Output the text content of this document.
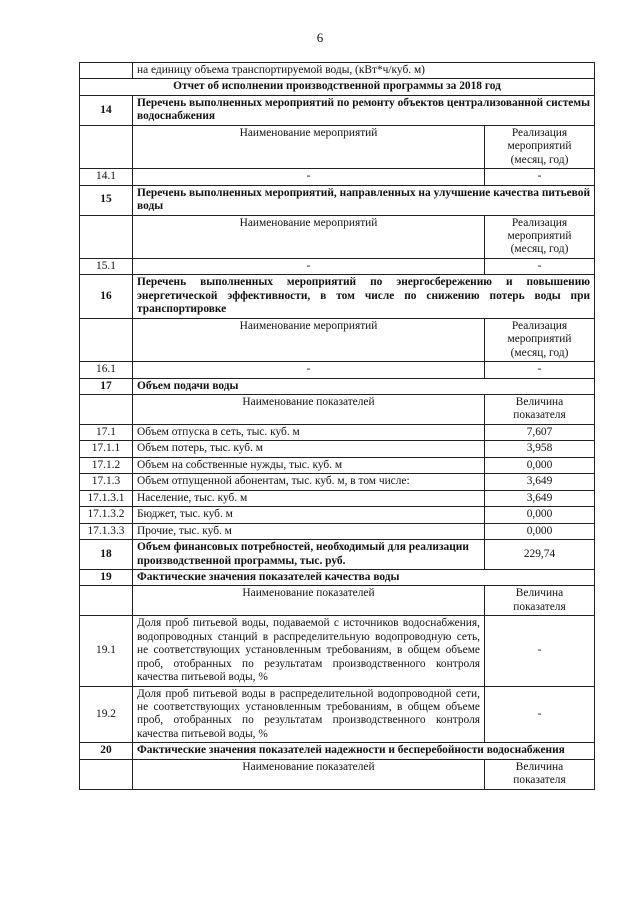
6
	на единицу объема транспортируемой воды, (кВт*ч/куб. м)	
Отчет об исполнении производственной программы за 2018 год		
14	Перечень выполненных мероприятий по ремонту объектов централизованной системы водоснабжения	
	Наименование мероприятий	Реализация мероприятий (месяц, год)
14.1	-	-
15	Перечень выполненных мероприятий, направленных на улучшение качества питьевой воды	
	Наименование мероприятий	Реализация мероприятий (месяц, год)
15.1	-	-
16	Перечень выполненных мероприятий по энергосбережению и повышению энергетической эффективности, в том числе по снижению потерь воды при транспортировке	
	Наименование мероприятий	Реализация мероприятий (месяц, год)
16.1	-	-
17	Объем подачи воды	
	Наименование показателей	Величина показателя
17.1	Объем отпуска в сеть, тыс. куб. м	7,607
17.1.1	Объем потерь, тыс. куб. м	3,958
17.1.2	Объем на собственные нужды, тыс. куб. м	0,000
17.1.3	Объем отпущенной абонентам, тыс. куб. м, в том числе:	3,649
17.1.3.1	Население, тыс. куб. м	3,649
17.1.3.2	Бюджет, тыс. куб. м	0,000
17.1.3.3	Прочие, тыс. куб. м	0,000
18	Объем финансовых потребностей, необходимый для реализации производственной программы, тыс. руб.	229,74
19	Фактические значения показателей качества воды	
	Наименование показателей	Величина показателя
19.1	Доля проб питьевой воды, подаваемой с источников водоснабжения, водопроводных станций в распределительную водопроводную сеть, не соответствующих установленным требованиям, в общем объеме проб, отобранных по результатам производственного контроля качества питьевой воды, %	-
19.2	Доля проб питьевой воды в распределительной водопроводной сети, не соответствующих установленным требованиям, в общем объеме проб, отобранных по результатам производственного контроля качества питьевой воды, %	-
20	Фактические значения показателей надежности и бесперебойности водоснабжения	
	Наименование показателей	Величина показателя
